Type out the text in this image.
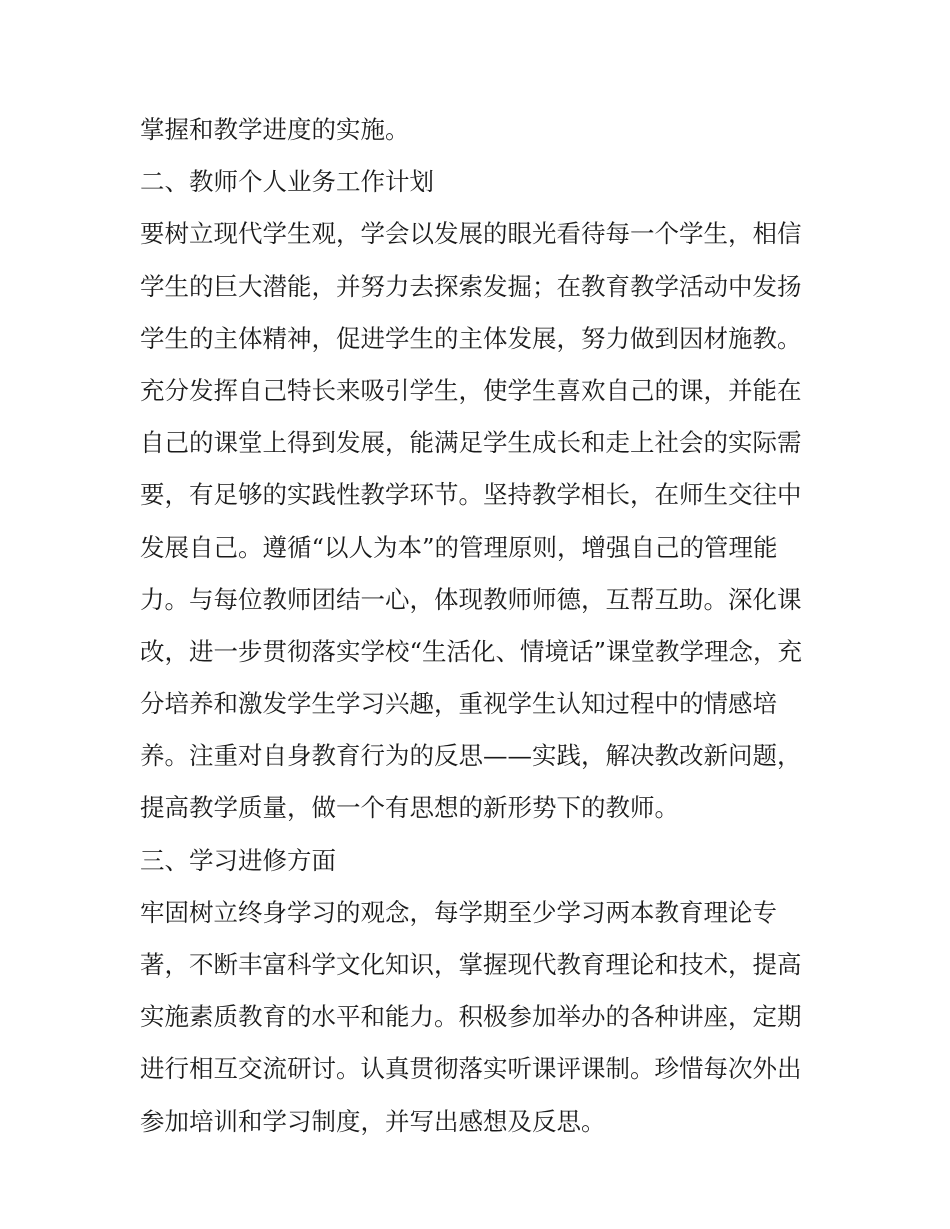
掌握和教学进度的实施。
二、教师个人业务工作计划
要树立现代学生观，学会以发展的眼光看待每一个学生，相信
学生的巨大潜能，并努力去探索发掘；在教育教学活动中发扬
学生的主体精神，促进学生的主体发展，努力做到因材施教。
充分发挥自己特长来吸引学生，使学生喜欢自己的课，并能在
自己的课堂上得到发展，能满足学生成长和走上社会的实际需
要，有足够的实践性教学环节。坚持教学相长，在师生交往中
发展自己。遵循“以人为本”的管理原则，增强自己的管理能
力。与每位教师团结一心，体现教师师德，互帮互助。深化课
改，进一步贯彻落实学校“生活化、情境话”课堂教学理念，充
分培养和激发学生学习兴趣，重视学生认知过程中的情感培
养。注重对自身教育行为的反思——实践，解决教改新问题，
提高教学质量，做一个有思想的新形势下的教师。
三、学习进修方面
牢固树立终身学习的观念，每学期至少学习两本教育理论专
著，不断丰富科学文化知识，掌握现代教育理论和技术，提高
实施素质教育的水平和能力。积极参加举办的各种讲座，定期
进行相互交流研讨。认真贯彻落实听课评课制。珍惜每次外出
参加培训和学习制度，并写出感想及反思。
